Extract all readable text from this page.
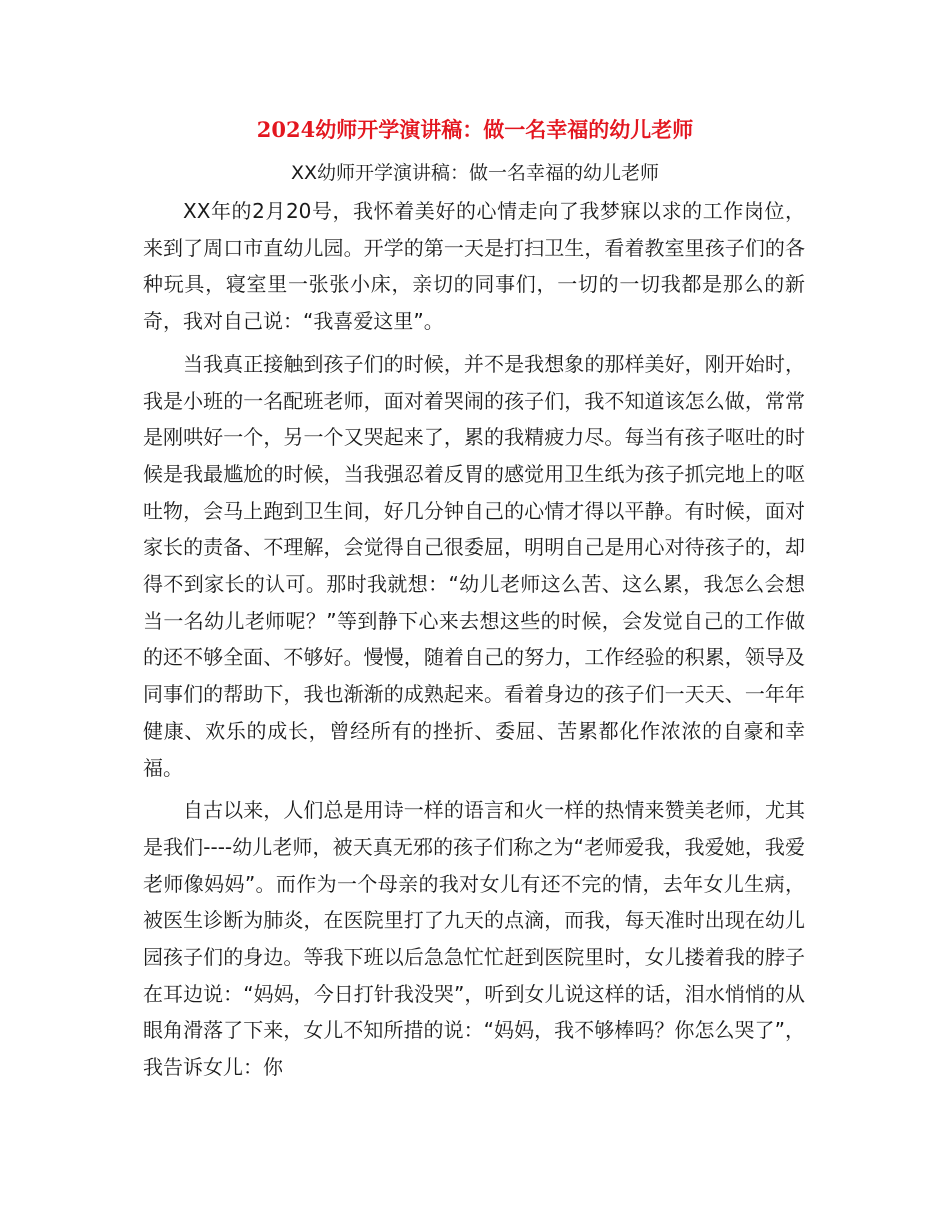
2024幼师开学演讲稿：做一名幸福的幼儿老师
XX幼师开学演讲稿：做一名幸福的幼儿老师

XX年的2月20号，我怀着美好的心情走向了我梦寐以求的工作岗位，来到了周口市直幼儿园。开学的第一天是打扫卫生，看着教室里孩子们的各种玩具，寝室里一张张小床，亲切的同事们，一切的一切我都是那么的新奇，我对自己说：“我喜爱这里”。

当我真正接触到孩子们的时候，并不是我想象的那样美好，刚开始时，我是小班的一名配班老师，面对着哭闹的孩子们，我不知道该怎么做，常常是刚哄好一个，另一个又哭起来了，累的我精疲力尽。每当有孩子呕吐的时候是我最尴尬的时候，当我强忍着反胃的感觉用卫生纸为孩子抓完地上的呕吐物，会马上跑到卫生间，好几分钟自己的心情才得以平静。有时候，面对家长的责备、不理解，会觉得自己很委屈，明明自己是用心对待孩子的，却得不到家长的认可。那时我就想：“幼儿老师这么苦、这么累，我怎么会想当一名幼儿老师呢？”等到静下心来去想这些的时候，会发觉自己的工作做的还不够全面、不够好。慢慢，随着自己的努力，工作经验的积累，领导及同事们的帮助下，我也渐渐的成熟起来。看着身边的孩子们一天天、一年年健康、欢乐的成长，曾经所有的挫折、委屈、苦累都化作浓浓的自豪和幸福。

自古以来，人们总是用诗一样的语言和火一样的热情来赞美老师，尤其是我们----幼儿老师，被天真无邪的孩子们称之为“老师爱我，我爱她，我爱老师像妈妈”。而作为一个母亲的我对女儿有还不完的情，去年女儿生病，被医生诊断为肺炎，在医院里打了九天的点滴，而我，每天准时出现在幼儿园孩子们的身边。等我下班以后急急忙忙赶到医院里时，女儿搂着我的脖子在耳边说：“妈妈，今日打针我没哭”，听到女儿说这样的话，泪水悄悄的从眼角滑落了下来，女儿不知所措的说：“妈妈，我不够棒吗？你怎么哭了”，我告诉女儿：你
